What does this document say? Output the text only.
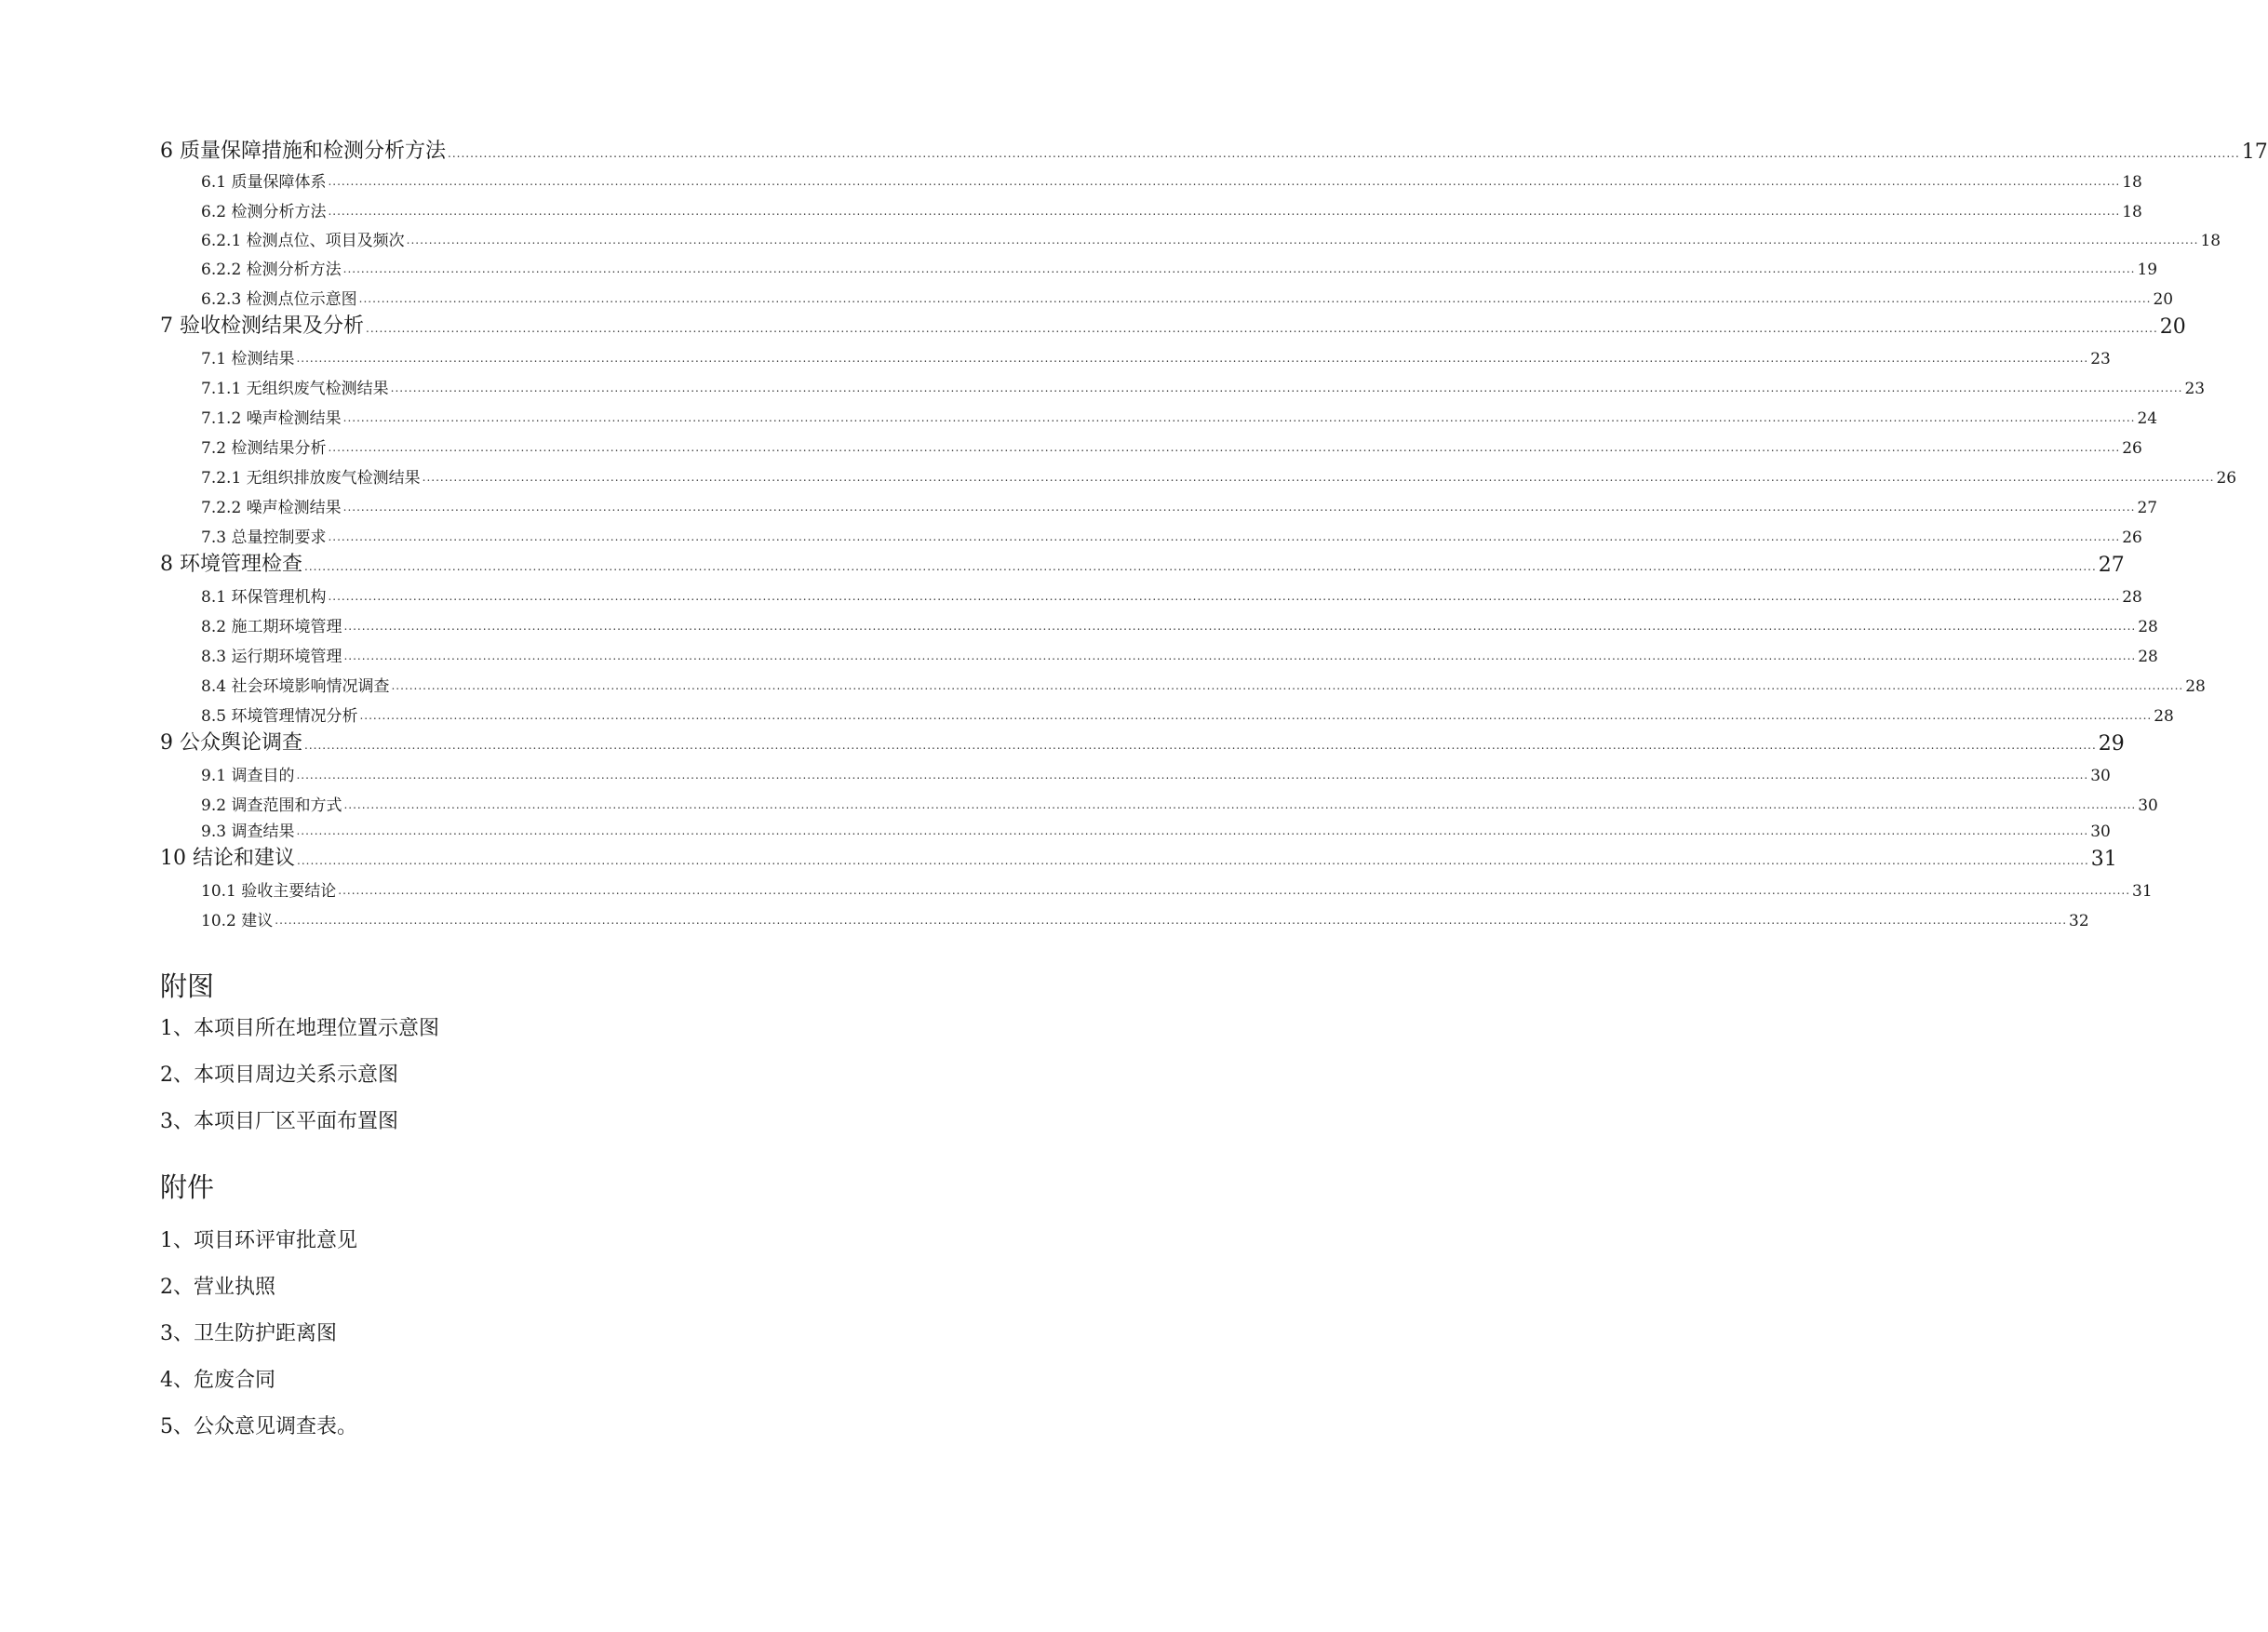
6 质量保障措施和检测分析方法 ................................................................................................................................................................................................................................................................................................................................................................................................................ 17
6.1 质量保障体系 ................................................................................................................................................................................................................................................................................................................................................................................................................ 18
6.2 检测分析方法 ................................................................................................................................................................................................................................................................................................................................................................................................................ 18
6.2.1 检测点位、项目及频次 ................................................................................................................................................................................................................................................................................................................................................................................................................ 18
6.2.2 检测分析方法 ................................................................................................................................................................................................................................................................................................................................................................................................................ 19
6.2.3 检测点位示意图 ................................................................................................................................................................................................................................................................................................................................................................................................................ 20
7 验收检测结果及分析 ................................................................................................................................................................................................................................................................................................................................................................................................................ 20
7.1 检测结果 ................................................................................................................................................................................................................................................................................................................................................................................................................ 23
7.1.1 无组织废气检测结果 ................................................................................................................................................................................................................................................................................................................................................................................................................ 23
7.1.2 噪声检测结果 ................................................................................................................................................................................................................................................................................................................................................................................................................ 24
7.2 检测结果分析 ................................................................................................................................................................................................................................................................................................................................................................................................................ 26
7.2.1 无组织排放废气检测结果 ................................................................................................................................................................................................................................................................................................................................................................................................................ 26
7.2.2 噪声检测结果 ................................................................................................................................................................................................................................................................................................................................................................................................................ 27
7.3 总量控制要求 ................................................................................................................................................................................................................................................................................................................................................................................................................ 26
8 环境管理检查 ................................................................................................................................................................................................................................................................................................................................................................................................................ 27
8.1 环保管理机构 ................................................................................................................................................................................................................................................................................................................................................................................................................ 28
8.2 施工期环境管理 ................................................................................................................................................................................................................................................................................................................................................................................................................ 28
8.3 运行期环境管理 ................................................................................................................................................................................................................................................................................................................................................................................................................ 28
8.4 社会环境影响情况调查 ................................................................................................................................................................................................................................................................................................................................................................................................................ 28
8.5 环境管理情况分析 ................................................................................................................................................................................................................................................................................................................................................................................................................ 28
9 公众舆论调查 ................................................................................................................................................................................................................................................................................................................................................................................................................ 29
9.1 调查目的 ................................................................................................................................................................................................................................................................................................................................................................................................................ 30
9.2 调查范围和方式 ................................................................................................................................................................................................................................................................................................................................................................................................................ 30
9.3 调查结果 ................................................................................................................................................................................................................................................................................................................................................................................................................ 30
10 结论和建议 ................................................................................................................................................................................................................................................................................................................................................................................................................ 31
10.1 验收主要结论 ................................................................................................................................................................................................................................................................................................................................................................................................................ 31
10.2 建议 ................................................................................................................................................................................................................................................................................................................................................................................................................ 32
附图
1、本项目所在地理位置示意图
2、本项目周边关系示意图
3、本项目厂区平面布置图
附件
1、项目环评审批意见
2、营业执照
3、卫生防护距离图
4、危废合同
5、公众意见调查表。
